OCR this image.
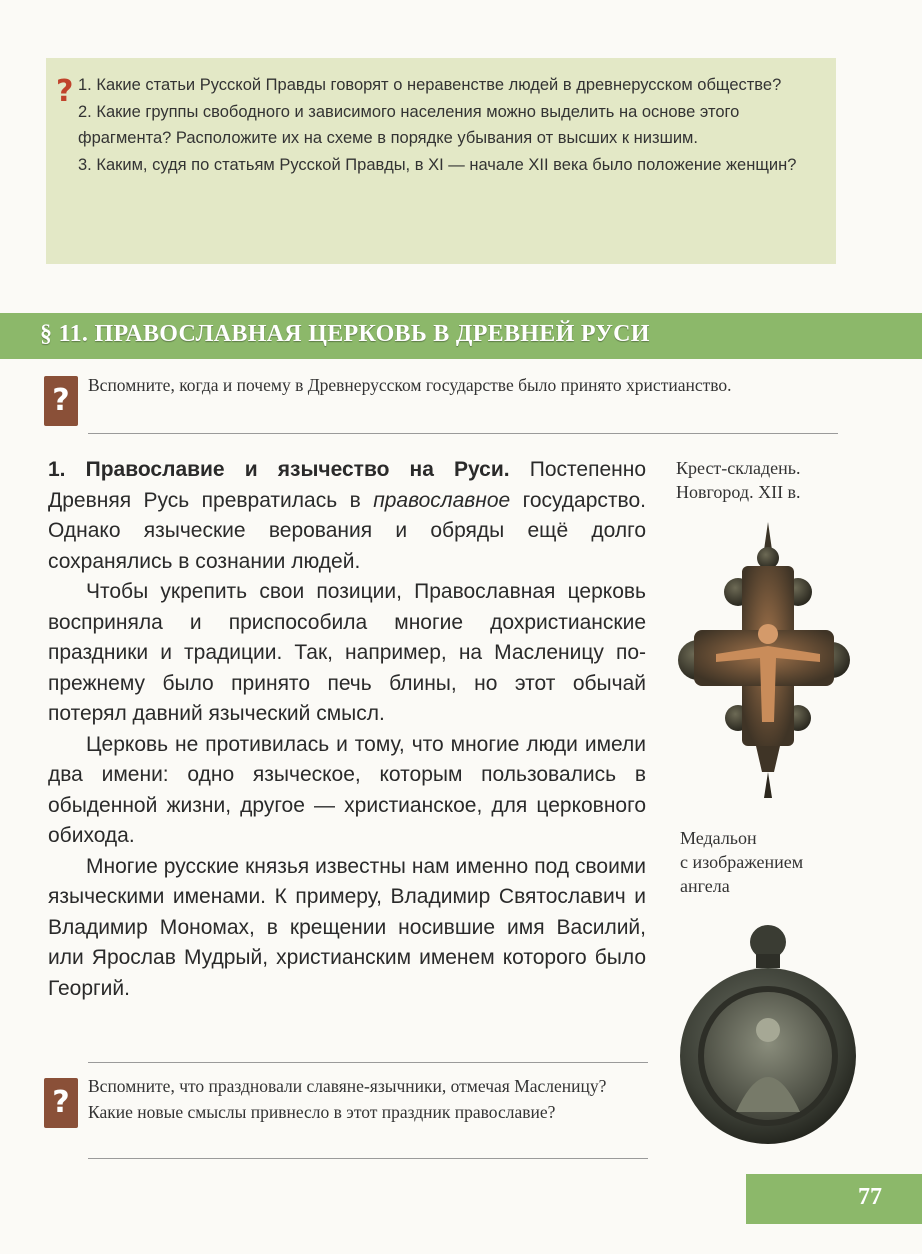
? 1. Какие статьи Русской Правды говорят о неравенстве людей в древнерусском обществе?

2. Какие группы свободного и зависимого населения можно выделить на основе этого фрагмента? Расположите их на схеме в порядке убывания от высших к низшим.

3. Каким, судя по статьям Русской Правды, в XI — начале XII века было положение женщин?

§ 11. ПРАВОСЛАВНАЯ ЦЕРКОВЬ В ДРЕВНЕЙ РУСИ
?	Вспомните, когда и почему в Древнерусском государстве было принято христианство.

1. Православие и язычество на Руси. Постепенно Древняя Русь превратилась в православное государство. Однако языческие верования и обряды ещё долго сохранялись в сознании людей.

Чтобы укрепить свои позиции, Православная церковь восприняла и приспособила многие дохристианские праздники и традиции. Так, например, на Масленицу по-прежнему было принято печь блины, но этот обычай потерял давний языческий смысл.

Церковь не противилась и тому, что многие люди имели два имени: одно языческое, которым пользовались в обыденной жизни, другое — христианское, для церковного обихода.

Многие русские князья известны нам именно под своими языческими именами. К примеру, Владимир Святославич и Владимир Мономах, в крещении носившие имя Василий, или Ярослав Мудрый, христианским именем которого было Георгий.

Крест-складень.
Новгород. XII в.
Медальон
с изображением
ангела
?	Вспомните, что праздновали славяне-язычники, отмечая Масленицу? Какие новые смыслы привнесло в этот праздник православие?
77
